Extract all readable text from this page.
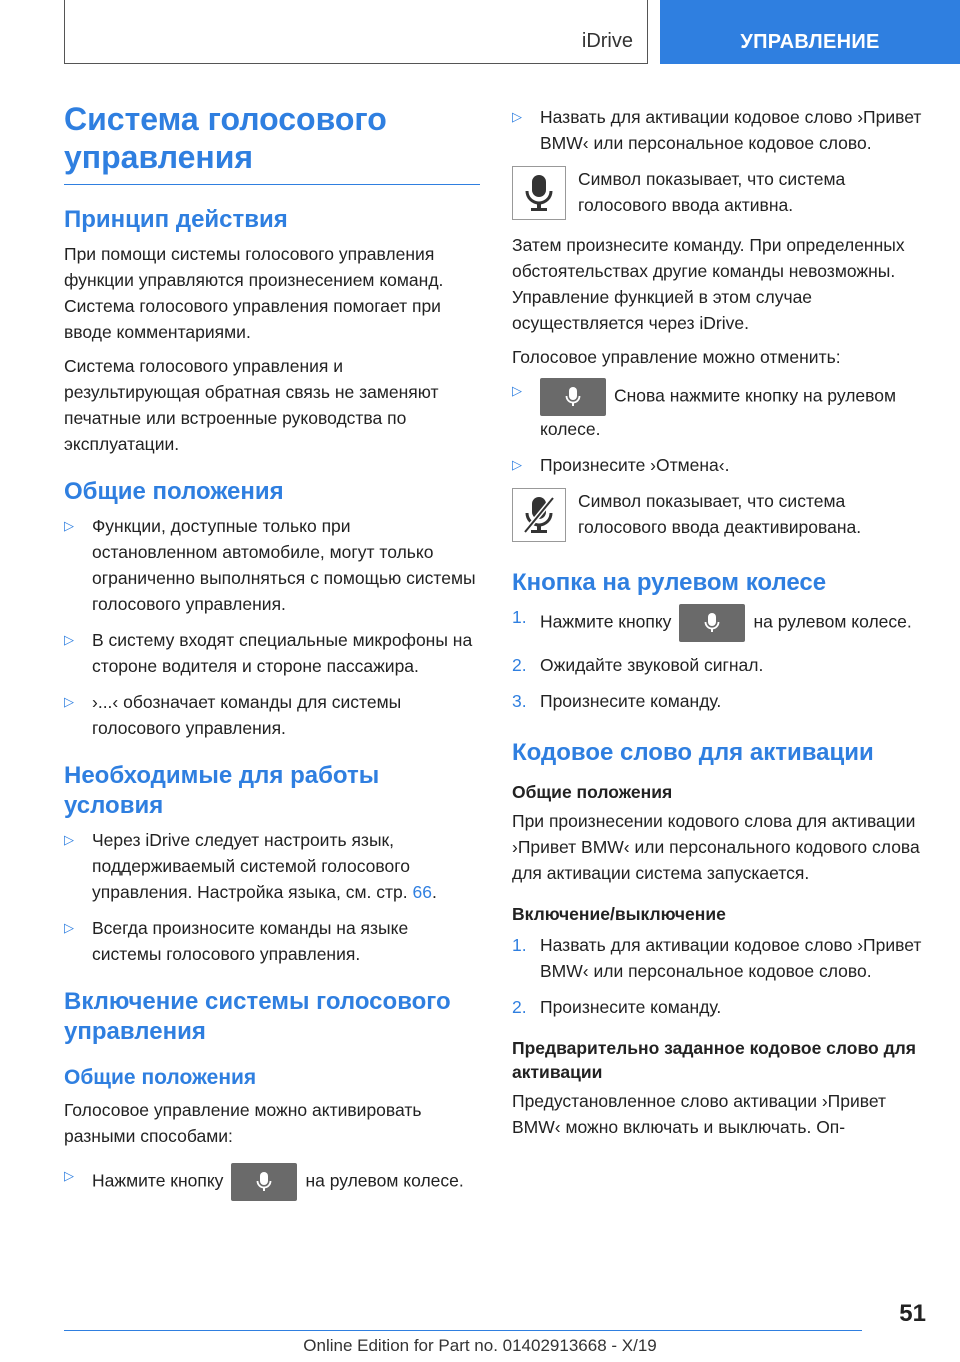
iDrive	УПРАВЛЕНИЕ
Система голосового управления
Принцип действия

При помощи системы голосового управления функции управляются произнесением команд. Система голосового управления помогает при вводе комментариями.

Система голосового управления и результирующая обратная связь не заменяют печатные или встроенные руководства по эксплуатации.

Общие положения
▷ Функции, доступные только при остановленном автомобиле, могут только ограниченно выполняться с помощью системы голосового управления.
▷ В систему входят специальные микрофоны на стороне водителя и стороне пассажира.
▷ ›...‹ обозначает команды для системы голосового управления.
Необходимые для работы условия
▷ Через iDrive следует настроить язык, поддерживаемый системой голосового управления. Настройка языка, см. стр. 66.
▷ Всегда произносите команды на языке системы голосового управления.
Включение системы голосового управления
Общие положения

Голосовое управление можно активировать разными способами:

▷ Нажмите кнопку	на рулевом колесе.
▷ Назвать для активации кодовое слово ›Привет BMW‹ или персональное кодовое слово.

Символ показывает, что система голосового ввода активна.

Затем произнесите команду. При определенных обстоятельствах другие команды невозможны. Управление функцией в этом случае осуществляется через iDrive.

Голосовое управление можно отменить:

▷	Снова нажмите кнопку на рулевом колесе.
▷ Произнесите ›Отмена‹.

Символ показывает, что система голосового ввода деактивирована.

Кнопка на рулевом колесе
1. Нажмите кнопку	на рулевом колесе.
2. Ожидайте звуковой сигнал.
3. Произнесите команду.
Кодовое слово для активации
Общие положения

При произнесении кодового слова для активации ›Привет BMW‹ или персонального кодового слова для активации система запускается.

Включение/выключение
1. Назвать для активации кодовое слово ›Привет BMW‹ или персональное кодовое слово.
2. Произнесите команду.
Предварительно заданное кодовое слово для активации

Предустановленное слово активации ›Привет BMW‹ можно включать и выключать. Оп-

51
Online Edition for Part no. 01402913668 - X/19
